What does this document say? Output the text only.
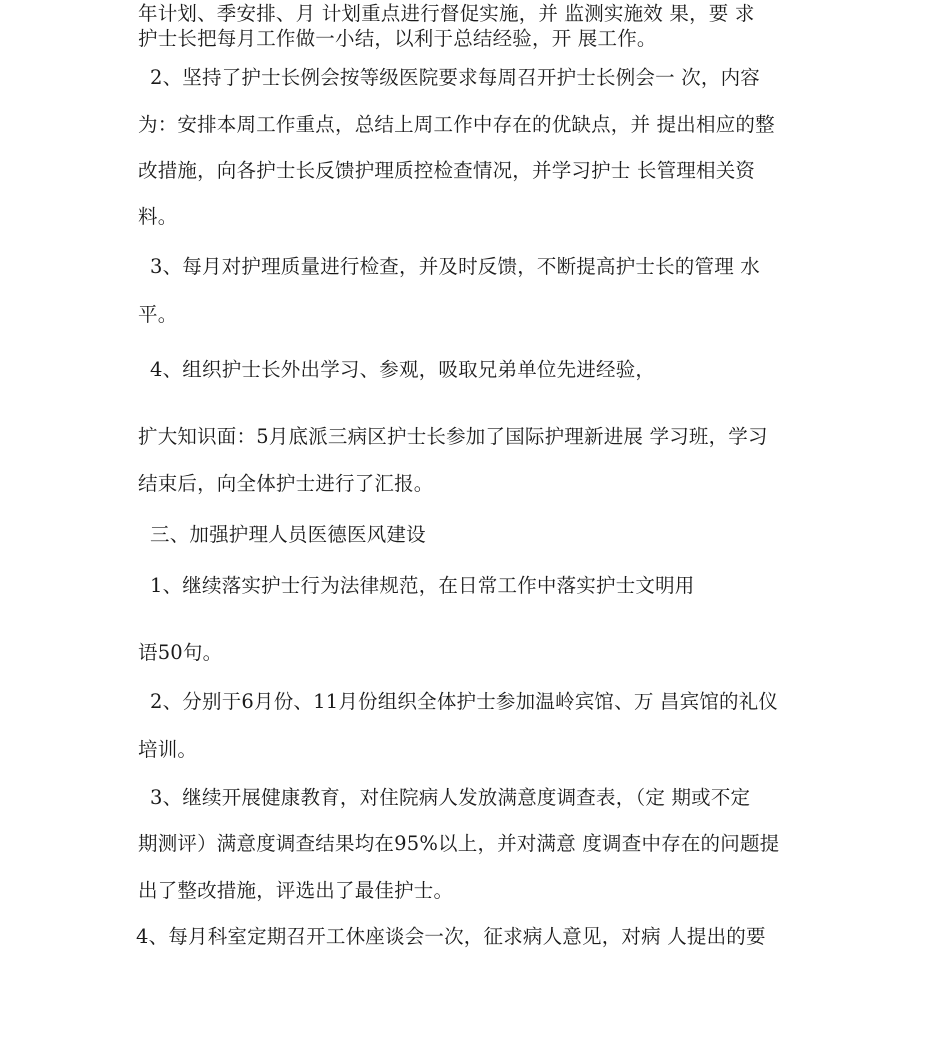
年计划、季安排、月 计划重点进行督促实施，并 监测实施效 果，要 求
护士长把每月工作做一小结，以利于总结经验，开 展工作。
2、坚持了护士长例会按等级医院要求每周召开护士长例会一 次，内容
为：安排本周工作重点，总结上周工作中存在的优缺点，并 提出相应的整
改措施，向各护士长反馈护理质控检查情况，并学习护士 长管理相关资
料。
3、每月对护理质量进行检查，并及时反馈，不断提高护士长的管理 水
平。
4、组织护士长外出学习、参观，吸取兄弟单位先进经验，
扩大知识面：5月底派三病区护士长参加了国际护理新进展 学习班，学习
结束后，向全体护士进行了汇报。
三、加强护理人员医德医风建设
1、继续落实护士行为法律规范，在日常工作中落实护士文明用
语50句。
2、分别于6月份、11月份组织全体护士参加温岭宾馆、万 昌宾馆的礼仪
培训。
3、继续开展健康教育，对住院病人发放满意度调查表，（定 期或不定
期测评）满意度调查结果均在95%以上，并对满意 度调查中存在的问题提
出了整改措施，评选出了最佳护士。
4、每月科室定期召开工休座谈会一次，征求病人意见，对病 人提出的要
